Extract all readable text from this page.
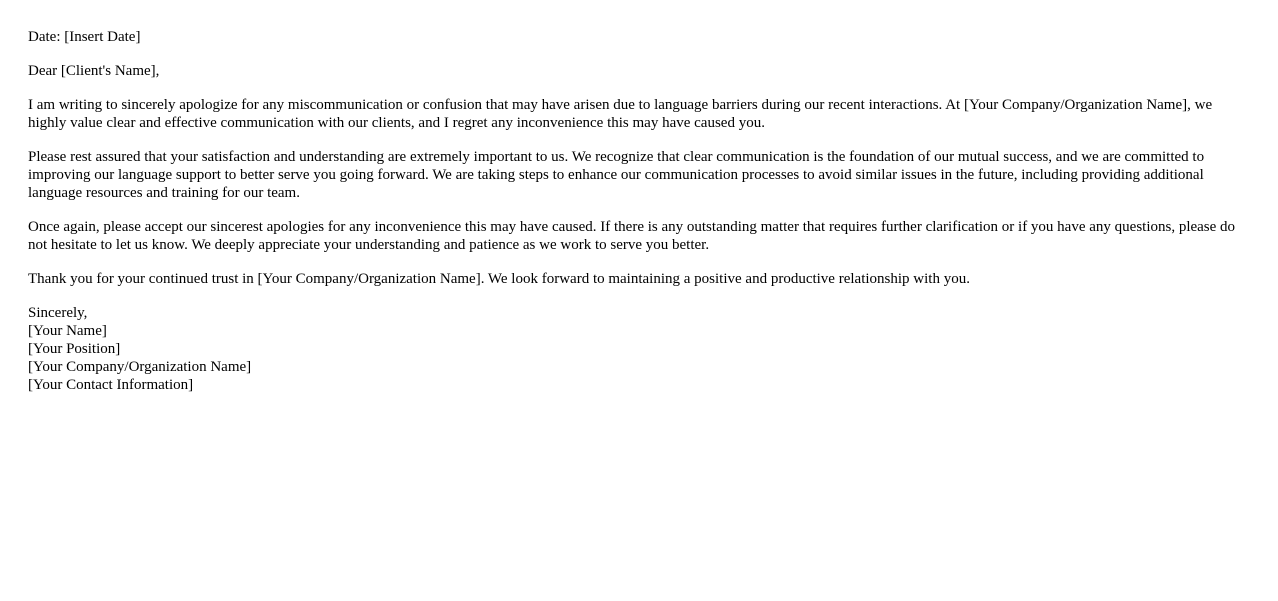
Date: [Insert Date]

Dear [Client's Name],

I am writing to sincerely apologize for any miscommunication or confusion that may have arisen due to language barriers during our recent interactions. At [Your Company/Organization Name], we highly value clear and effective communication with our clients, and I regret any inconvenience this may have caused you.

Please rest assured that your satisfaction and understanding are extremely important to us. We recognize that clear communication is the foundation of our mutual success, and we are committed to improving our language support to better serve you going forward. We are taking steps to enhance our communication processes to avoid similar issues in the future, including providing additional language resources and training for our team.

Once again, please accept our sincerest apologies for any inconvenience this may have caused. If there is any outstanding matter that requires further clarification or if you have any questions, please do not hesitate to let us know. We deeply appreciate your understanding and patience as we work to serve you better.

Thank you for your continued trust in [Your Company/Organization Name]. We look forward to maintaining a positive and productive relationship with you.

Sincerely,
[Your Name]
[Your Position]
[Your Company/Organization Name]
[Your Contact Information]
